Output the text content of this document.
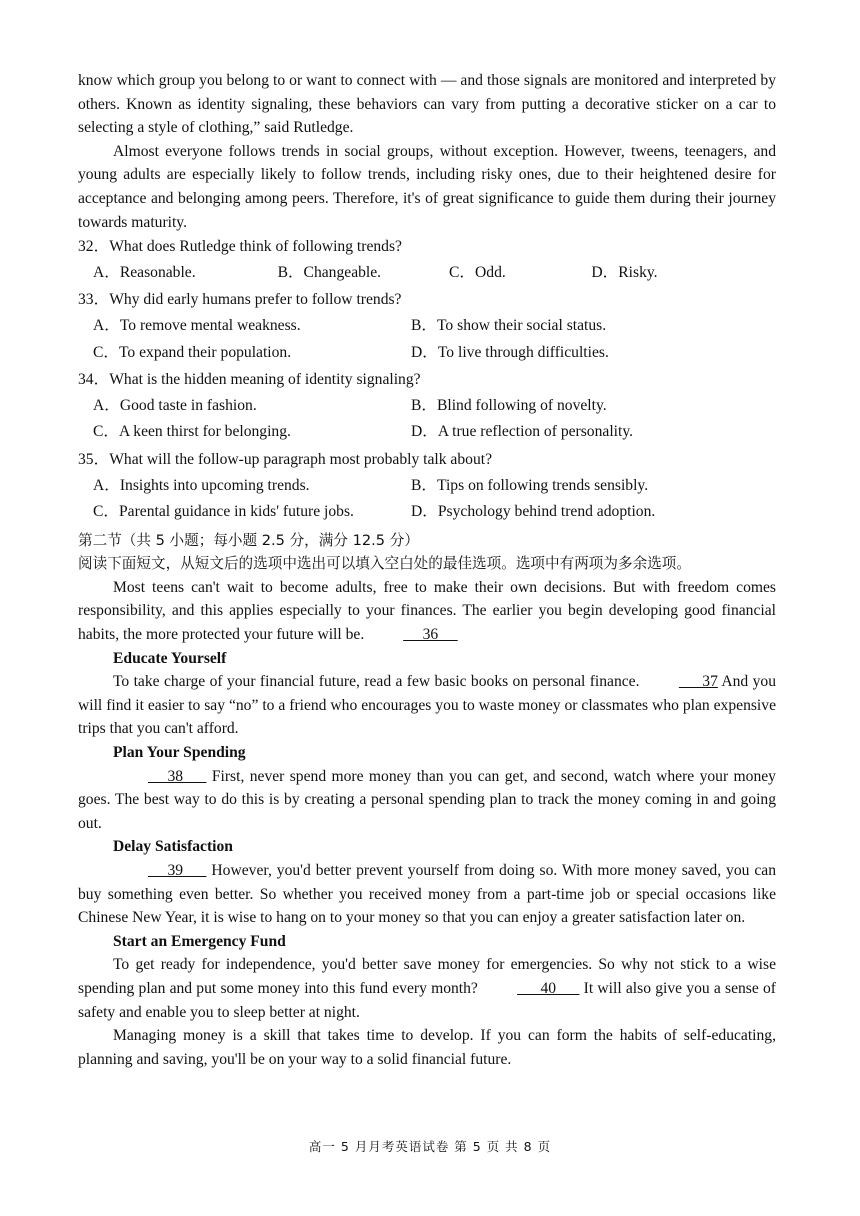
know which group you belong to or want to connect with — and those signals are monitored and interpreted by others. Known as identity signaling, these behaviors can vary from putting a decorative sticker on a car to selecting a style of clothing,” said Rutledge.

Almost everyone follows trends in social groups, without exception. However, tweens, teenagers, and young adults are especially likely to follow trends, including risky ones, due to their heightened desire for acceptance and belonging among peers. Therefore, it's of great significance to guide them during their journey towards maturity.

32．What does Rutledge think of following trends?

A．Reasonable.	B．Changeable.	C．Odd.	D．Risky.

33．Why did early humans prefer to follow trends?

A．To remove mental weakness.	B．To show their social status.
C．To expand their population.	D．To live through difficulties.

34．What is the hidden meaning of identity signaling?

A．Good taste in fashion.	B．Blind following of novelty.
C．A keen thirst for belonging.	D．A true reflection of personality.

35．What will the follow-up paragraph most probably talk about?

A．Insights into upcoming trends.	B．Tips on following trends sensibly.
C．Parental guidance in kids' future jobs.	D．Psychology behind trend adoption.
第二节（共 5 小题；每小题 2.5 分，满分 12.5 分）
阅读下面短文，从短文后的选项中选出可以填入空白处的最佳选项。选项中有两项为多余选项。

Most teens can't wait to become adults, free to make their own decisions. But with freedom comes responsibility, and this applies especially to your finances. The earlier you begin developing good financial habits, the more protected your future will be.      36

Educate Yourself

To take charge of your financial future, read a few basic books on personal finance.	37 And you will find it easier to say “no” to a friend who encourages you to waste money or classmates who plan expensive trips that you can't afford.

Plan Your Spending

38       First, never spend more money than you can get, and second, watch where your money goes. The best way to do this is by creating a personal spending plan to track the money coming in and going out.

Delay Satisfaction

39       However, you'd better prevent yourself from doing so. With more money saved, you can buy something even better. So whether you received money from a part-time job or special occasions like Chinese New Year, it is wise to hang on to your money so that you can enjoy a greater satisfaction later on.

Start an Emergency Fund

To get ready for independence, you'd better save money for emergencies. So why not stick to a wise spending plan and put some money into this fund every month?	40       It will also give you a sense of safety and enable you to sleep better at night.

Managing money is a skill that takes time to develop. If you can form the habits of self-educating, planning and saving, you'll be on your way to a solid financial future.

高一 5 月月考英语试卷 第 5 页 共 8 页
